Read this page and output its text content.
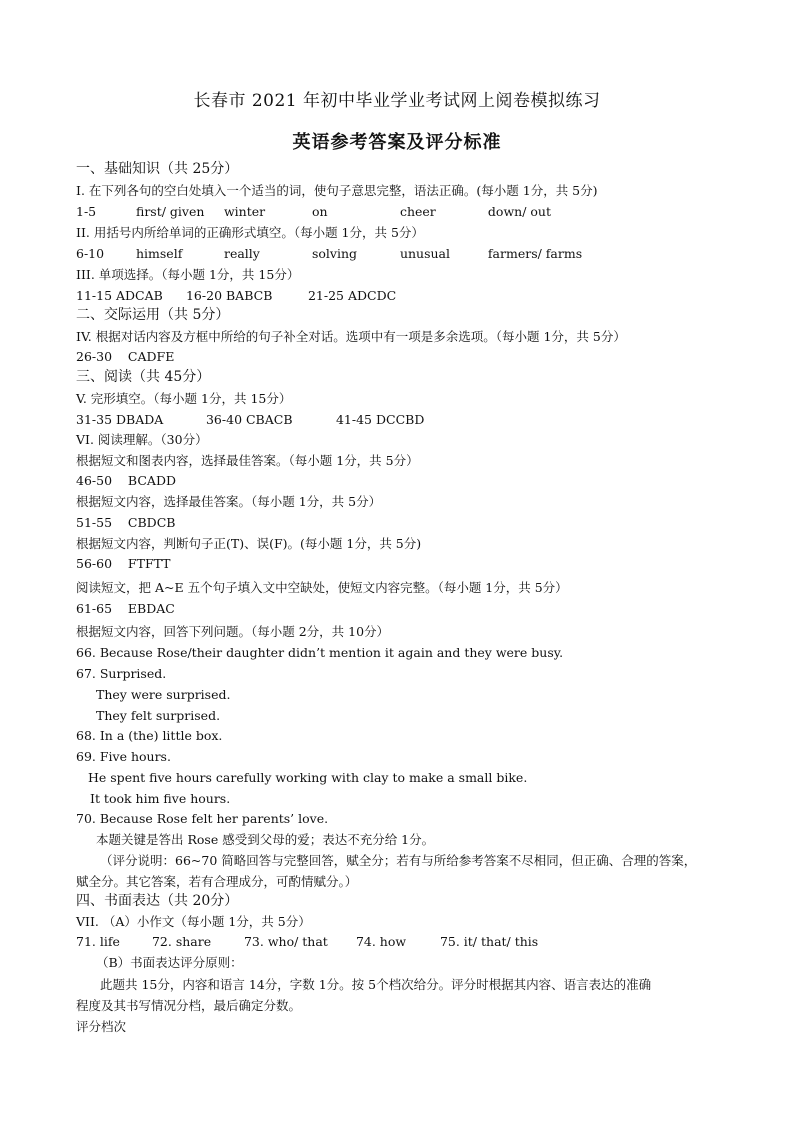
长春市 2021 年初中毕业学业考试网上阅卷模拟练习
英语参考答案及评分标准
一、基础知识（共 25分）
I. 在下列各句的空白处填入一个适当的词，使句子意思完整，语法正确。(每小题 1分，共 5分)
1-5	first/ given winter	on	cheer	down/ out
II. 用括号内所给单词的正确形式填空。（每小题 1分，共 5分）
6-10	himself	really	solving	unusual	farmers/ farms
III. 单项选择。（每小题 1分，共 15分）
11-15 ADCAB 16-20 BABCB	21-25 ADCDC
二、交际运用（共 5分）
IV. 根据对话内容及方框中所给的句子补全对话。选项中有一项是多余选项。（每小题 1分，共 5分）
26-30    CADFE
三、阅读（共 45分）
V. 完形填空。（每小题 1分，共 15分）
31-35 DBADA	36-40 CBACB	41-45 DCCBD
VI. 阅读理解。（30分）
根据短文和图表内容，选择最佳答案。（每小题 1分，共 5分）
46-50    BCADD
根据短文内容，选择最佳答案。（每小题 1分，共 5分）
51-55    CBDCB
根据短文内容，判断句子正(T)、误(F)。(每小题 1分，共 5分)
56-60    FTFTT
阅读短文，把 A~E 五个句子填入文中空缺处，使短文内容完整。（每小题 1分，共 5分）
61-65    EBDAC
根据短文内容，回答下列问题。（每小题 2分，共 10分）
66. Because Rose/their daughter didn’t mention it again and they were busy.
67. Surprised.
They were surprised.
They felt surprised.
68. In a (the) little box.
69. Five hours.
He spent five hours carefully working with clay to make a small bike.
It took him five hours.
70. Because Rose felt her parents’ love.
本题关键是答出 Rose 感受到父母的爱；表达不充分给 1分。
（评分说明：66~70 简略回答与完整回答，赋全分；若有与所给参考答案不尽相同，但正确、合理的答案，
赋全分。其它答案，若有合理成分，可酌情赋分。）
四、书面表达（共 20分）
VII. （A）小作文（每小题 1分，共 5分）
71. life	72. share	73. who/ that 74. how	75. it/ that/ this
（B）书面表达评分原则：
此题共 15分，内容和语言 14分，字数 1分。按 5个档次给分。评分时根据其内容、语言表达的准确
程度及其书写情况分档，最后确定分数。
评分档次
